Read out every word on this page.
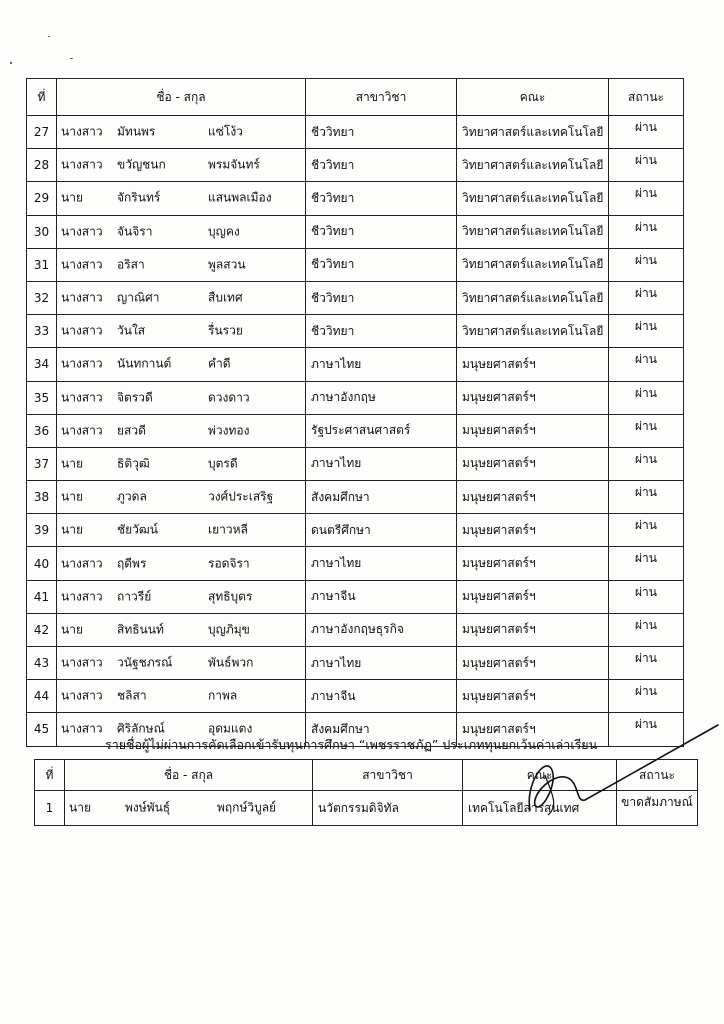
ที่	ชื่อ - สกุล	สาขาวิชา	คณะ	สถานะ
27	นางสาว มัทนพร แซ่โง้ว	ชีววิทยา	วิทยาศาสตร์และเทคโนโลยี	ผ่าน
28	นางสาว ขวัญชนก พรมจันทร์	ชีววิทยา	วิทยาศาสตร์และเทคโนโลยี	ผ่าน
29	นาย จักรินทร์ แสนพลเมือง	ชีววิทยา	วิทยาศาสตร์และเทคโนโลยี	ผ่าน
30	นางสาว จันจิรา บุญคง	ชีววิทยา	วิทยาศาสตร์และเทคโนโลยี	ผ่าน
31	นางสาว อริสา พูลสวน	ชีววิทยา	วิทยาศาสตร์และเทคโนโลยี	ผ่าน
32	นางสาว ญาณิศา สืบเทศ	ชีววิทยา	วิทยาศาสตร์และเทคโนโลยี	ผ่าน
33	นางสาว วันใส รื่นรวย	ชีววิทยา	วิทยาศาสตร์และเทคโนโลยี	ผ่าน
34	นางสาว นันทกานต์ คำดี	ภาษาไทย	มนุษยศาสตร์ฯ	ผ่าน
35	นางสาว จิตรวดี ดวงดาว	ภาษาอังกฤษ	มนุษยศาสตร์ฯ	ผ่าน
36	นางสาว ยสวดี พ่วงทอง	รัฐประศาสนศาสตร์	มนุษยศาสตร์ฯ	ผ่าน
37	นาย ธิติวุฒิ บุตรดี	ภาษาไทย	มนุษยศาสตร์ฯ	ผ่าน
38	นาย ภูวดล วงศ์ประเสริฐ	สังคมศึกษา	มนุษยศาสตร์ฯ	ผ่าน
39	นาย ชัยวัฒน์ เยาวหลี	ดนตรีศึกษา	มนุษยศาสตร์ฯ	ผ่าน
40	นางสาว ฤดีพร รอดจิรา	ภาษาไทย	มนุษยศาสตร์ฯ	ผ่าน
41	นางสาว ถาวรีย์ สุทธิบุตร	ภาษาจีน	มนุษยศาสตร์ฯ	ผ่าน
42	นาย สิทธินนท์ บุญภิมุข	ภาษาอังกฤษธุรกิจ	มนุษยศาสตร์ฯ	ผ่าน
43	นางสาว วนัฐชภรณ์ พันธ์พวก	ภาษาไทย	มนุษยศาสตร์ฯ	ผ่าน
44	นางสาว ชลิสา กาพล	ภาษาจีน	มนุษยศาสตร์ฯ	ผ่าน
45	นางสาว ศิริลักษณ์ อุดมแตง	สังคมศึกษา	มนุษยศาสตร์ฯ	ผ่าน
รายชื่อผู้ไม่ผ่านการคัดเลือกเข้ารับทุนการศึกษา “เพชรราชภัฏ” ประเภททุนยกเว้นค่าเล่าเรียน
ที่	ชื่อ - สกุล	สาขาวิชา	คณะ	สถานะ
1	นาย พงษ์พันธุ์ พฤกษ์วิบูลย์	นวัตกรรมดิจิทัล	เทคโนโลยีสารสนเทศ	ขาดสัมภาษณ์
